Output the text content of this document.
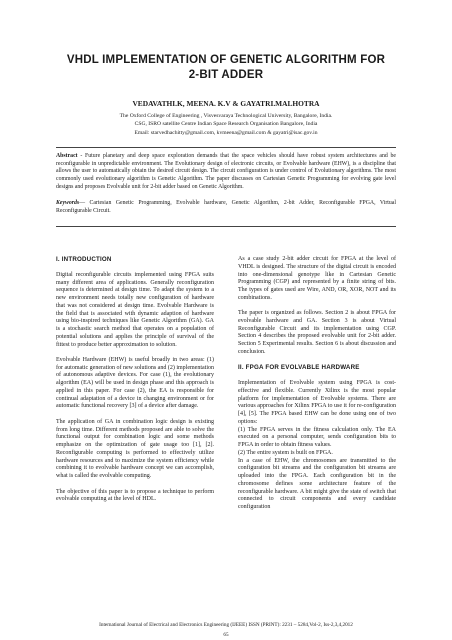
VHDL IMPLEMENTATION OF GENETIC ALGORITHM FOR
2-BIT ADDER
VEDAVATHI.K, MEENA. K.V & GAYATRI.MALHOTRA
The Oxford College of Engineering , Visvesvaraya Technological University, Bangalore, India.
CSG, ISRO satellite Centre Indian Space Research Organisation Bangalore, India
Email: starvedhachitty@gmail.com, kvmeena@gmail.com & gayatri@isac.gov.in
Abstract - Future planetary and deep space exploration demands that the space vehicles should have robust system architectures and be reconfigurable in unpredictable environment. The Evolutionary design of electronic circuits, or Evolvable hardware (EHW), is a discipline that allows the user to automatically obtain the desired circuit design. The circuit configuration is under control of Evolutionary algorithms. The most commonly used evolutionary algorithm is Genetic Algorithm. The paper discusses on Cartesian Genetic Programming for evolving gate level designs and proposes Evolvable unit for 2-bit adder based on Genetic Algorithm.
Keywords— Cartesian Genetic Programming, Evolvable hardware, Genetic Algorithm, 2-bit Adder, Reconfigurable FPGA, Virtual Reconfigurable Circuit.
I. INTRODUCTION

Digital reconfigurable circuits implemented using FPGA suits many different area of applications. Generally reconfiguration sequence is determined at design time. To adapt the system to a new environment needs totally new configuration of hardware that was not considered at design time. Evolvable Hardware is the field that is associated with dynamic adaption of hardware using bio-inspired techniques like Genetic Algorithm (GA). GA is a stochastic search method that operates on a population of potential solutions and applies the principle of survival of the fittest to produce better approximation to solution.

Evolvable Hardware (EHW) is useful broadly in two areas: (1) for automatic generation of new solutions and (2) implementation of autonomous adaptive devices. For case (1), the evolutionary algorithm (EA) will be used in design phase and this approach is applied in this paper. For case (2), the EA is responsible for continual adaptation of a device in changing environment or for automatic functional recovery [3] of a device after damage.

The application of GA in combination logic design is existing from long time. Different methods proposed are able to solve the functional output for combination logic and some methods emphasize on the optimization of gate usage too [1], [2]. Reconfigurable computing is performed to effectively utilize hardware resources and to maximize the system efficiency while combining it to evolvable hardware concept we can accomplish, what is called the evolvable computing.

The objective of this paper is to propose a technique to perform evolvable computing at the level of HDL.

As a case study 2-bit adder circuit for FPGA at the level of VHDL is designed. The structure of the digital circuit is encoded into one-dimensional genotype like in Cartesian Genetic Programming (CGP) and represented by a finite string of bits. The types of gates used are Wire, AND, OR, XOR, NOT and its combinations.

The paper is organized as follows. Section 2 is about FPGA for evolvable hardware and GA. Section 3 is about Virtual Reconfigurable Circuit and its implementation using CGP. Section 4 describes the proposed evolvable unit for 2-bit adder. Section 5 Experimental results. Section 6 is about discussion and conclusion.

II. FPGA FOR EVOLVABLE HARDWARE

Implementation of Evolvable system using FPGA is cost-effective and flexible. Currently Xilinx is the most popular platform for implementation of Evolvable systems. There are various approaches for Xilinx FPGA to use it for re-configuration [4], [5]. The FPGA based EHW can be done using one of two options:

(1) The FPGA serves in the fitness calculation only. The EA executed on a personal computer, sends configuration bits to FPGA in order to obtain fitness values.

(2) The entire system is built on FPGA.

In a case of EHW, the chromosomes are transmitted to the configuration bit streams and the configuration bit streams are uploaded into the FPGA. Each configuration bit in the chromosome defines some architecture feature of the reconfigurable hardware. A bit might give the state of switch that connected to circuit components and every candidate configuration

International Journal of Electrical and Electronics Engineering (IJEEE) ISSN (PRINT): 2231 – 5284,Vol-2, Iss-2,3,4,2012
65
